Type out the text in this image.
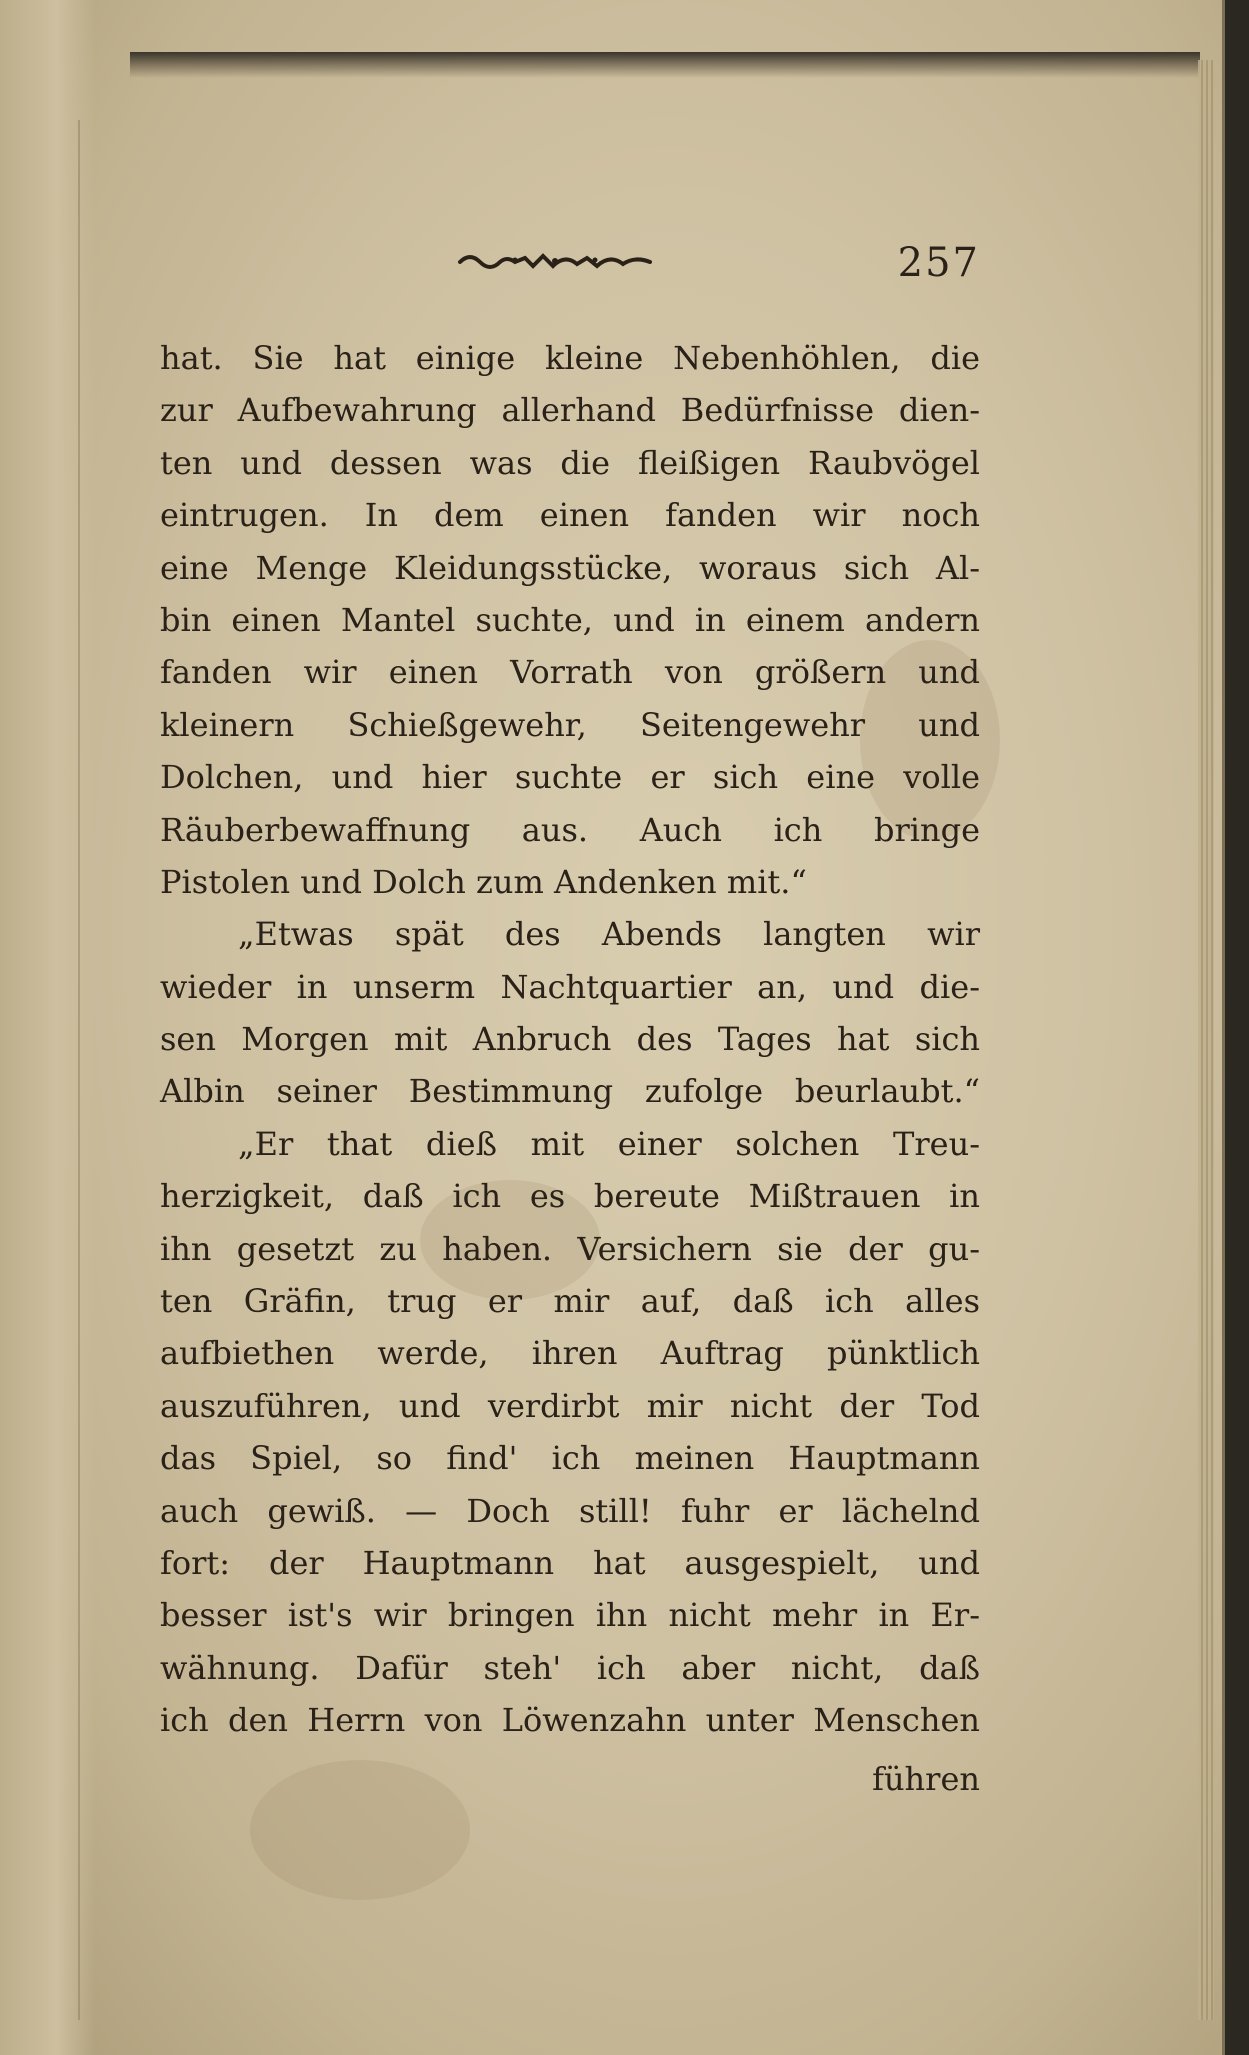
257
hat. Sie hat einige kleine Nebenhöhlen, die
zur Aufbewahrung allerhand Bedürfnisse dien-
ten und dessen was die fleißigen Raubvögel
eintrugen. In dem einen fanden wir noch
eine Menge Kleidungsstücke, woraus sich Al-
bin einen Mantel suchte, und in einem andern
fanden wir einen Vorrath von größern und
kleinern Schießgewehr, Seitengewehr und
Dolchen, und hier suchte er sich eine volle
Räuberbewaffnung aus. Auch ich bringe
Pistolen und Dolch zum Andenken mit.“
„Etwas spät des Abends langten wir
wieder in unserm Nachtquartier an, und die-
sen Morgen mit Anbruch des Tages hat sich
Albin seiner Bestimmung zufolge beurlaubt.“
„Er that dieß mit einer solchen Treu-
herzigkeit, daß ich es bereute Mißtrauen in
ihn gesetzt zu haben. Versichern sie der gu-
ten Gräfin, trug er mir auf, daß ich alles
aufbiethen werde, ihren Auftrag pünktlich
auszuführen, und verdirbt mir nicht der Tod
das Spiel, so find' ich meinen Hauptmann
auch gewiß. — Doch still! fuhr er lächelnd
fort: der Hauptmann hat ausgespielt, und
besser ist's wir bringen ihn nicht mehr in Er-
wähnung. Dafür steh' ich aber nicht, daß
ich den Herrn von Löwenzahn unter Menschen
führen
